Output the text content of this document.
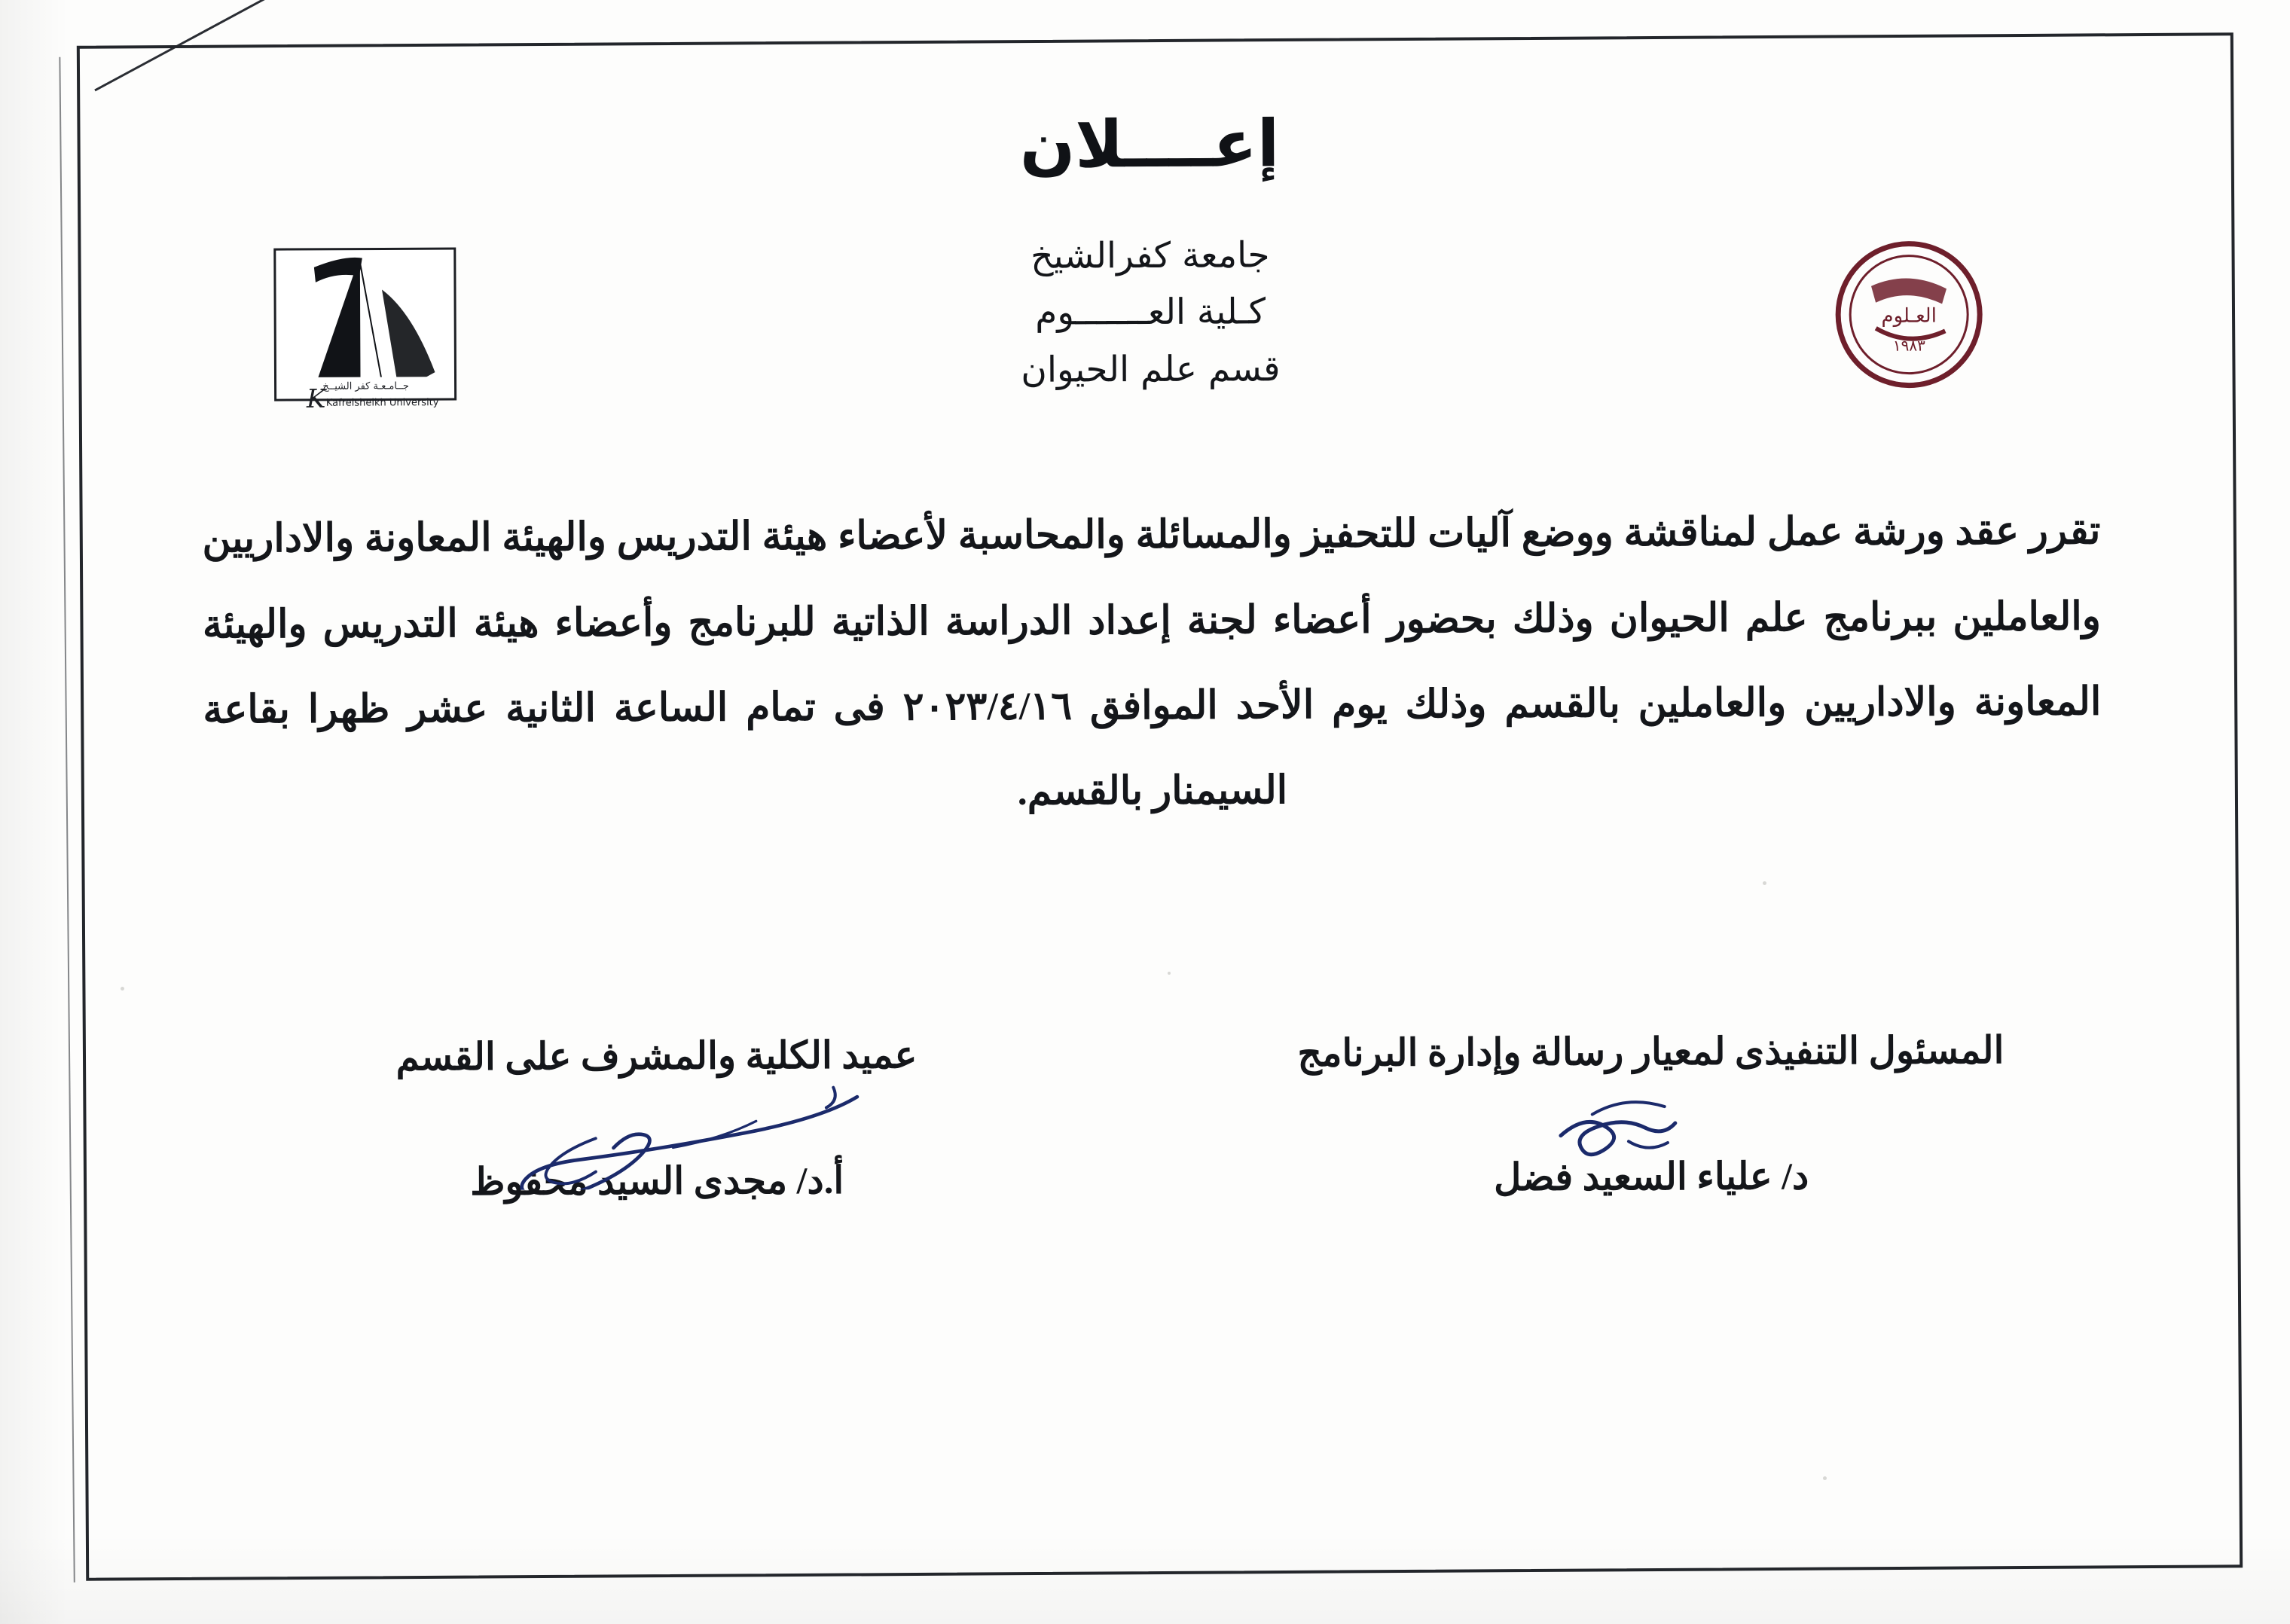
إعــــلان
جــامـعـة كفر الشيــخ
Kafrelsheikh University
K
العـلوم
١٩٨٣
جامعة كفرالشيخ
كـلية العـــــــوم
قسم علم الحيوان
تقرر عقد ورشة عمل لمناقشة ووضع آليات للتحفيز والمسائلة والمحاسبة لأعضاء هيئة التدريس والهيئة المعاونة والاداريين والعاملين ببرنامج علم الحيوان وذلك بحضور أعضاء لجنة إعداد الدراسة الذاتية للبرنامج وأعضاء هيئة التدريس والهيئة المعاونة والاداريين والعاملين بالقسم وذلك يوم الأحد الموافق ٢٠٢٣/٤/١٦ فى تمام الساعة الثانية عشر ظهرا بقاعة السيمنار بالقسم.
المسئول التنفيذى لمعيار رسالة وإدارة البرنامج
د/ علياء السعيد فضل
عميد الكلية والمشرف على القسم
أ.د/ مجدى السيد محفوظ
